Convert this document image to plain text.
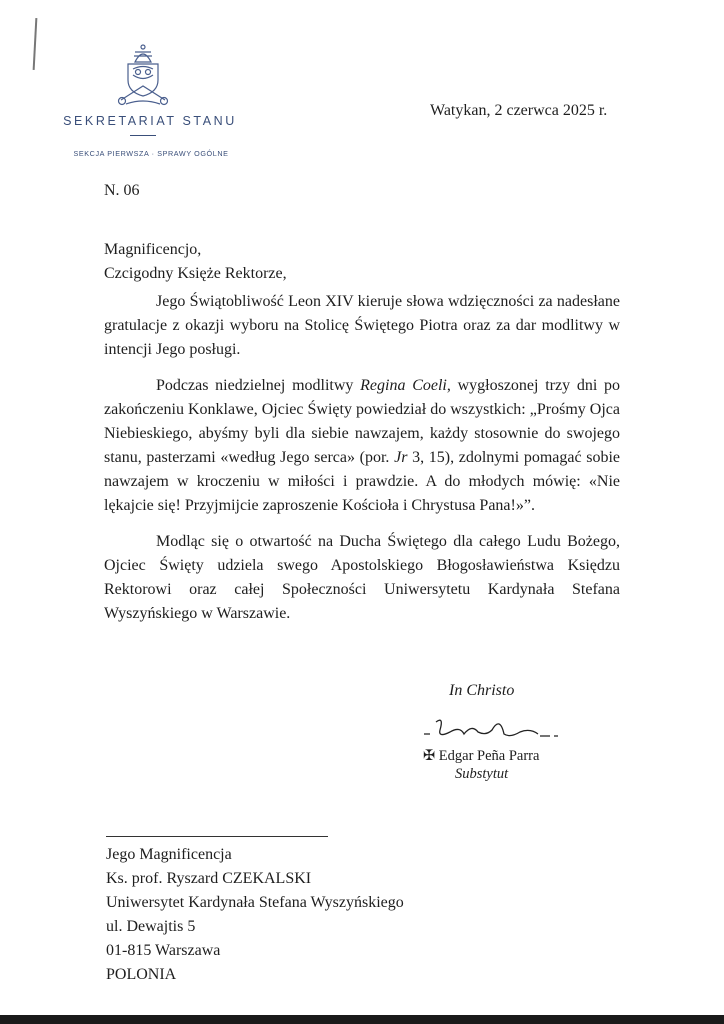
SEKRETARIAT STANU
SEKCJA PIERWSZA · SPRAWY OGÓLNE
Watykan, 2 czerwca 2025 r.
N. 06
Magnificencjo,
Czcigodny Księże Rektorze,

Jego Świątobliwość Leon XIV kieruje słowa wdzięczności za nadesłane gratulacje z okazji wyboru na Stolicę Świętego Piotra oraz za dar modlitwy w intencji Jego posługi.

Podczas niedzielnej modlitwy Regina Coeli, wygłoszonej trzy dni po zakończeniu Konklawe, Ojciec Święty powiedział do wszystkich: „Prośmy Ojca Niebieskiego, abyśmy byli dla siebie nawzajem, każdy stosownie do swojego stanu, pasterzami «według Jego serca» (por. Jr 3, 15), zdolnymi pomagać sobie nawzajem w kroczeniu w miłości i prawdzie. A do młodych mówię: «Nie lękajcie się! Przyjmijcie zaproszenie Kościoła i Chrystusa Pana!»”.

Modląc się o otwartość na Ducha Świętego dla całego Ludu Bożego, Ojciec Święty udziela swego Apostolskiego Błogosławieństwa Księdzu Rektorowi oraz całej Społeczności Uniwersytetu Kardynała Stefana Wyszyńskiego w Warszawie.

In Christo
✠ Edgar Peña Parra
Substytut
Jego Magnificencja
Ks. prof. Ryszard CZEKALSKI
Uniwersytet Kardynała Stefana Wyszyńskiego
ul. Dewajtis 5
01-815 Warszawa
POLONIA
